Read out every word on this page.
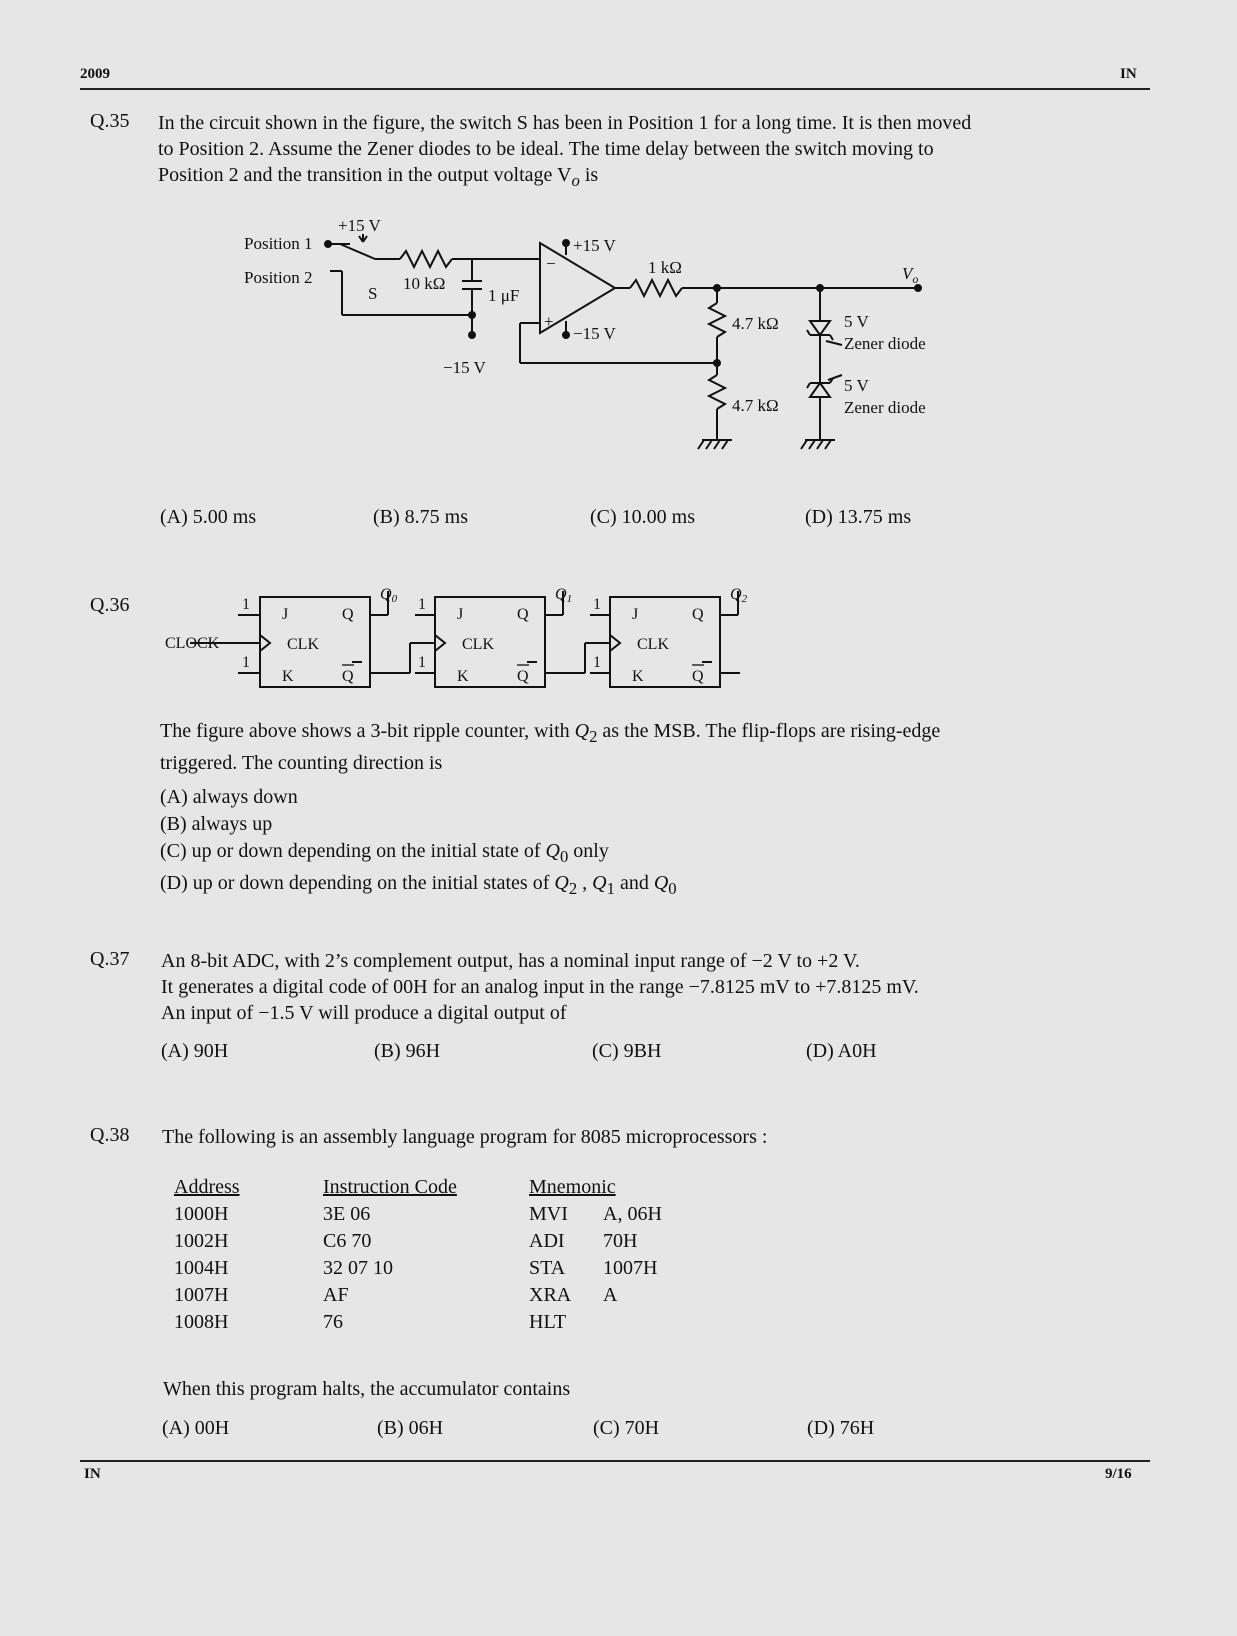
2009	IN
Q.35 In the circuit shown in the figure, the switch S has been in Position 1 for a long time. It is then moved
to Position 2. Assume the Zener diodes to be ideal. The time delay between the switch moving to
Position 2 and the transition in the output voltage $V_o$ is
Position 1
Position 2
+15 V
S
10 kΩ
1 μF
−15 V
+15 V
−15 V
−
+
1 kΩ	$V_o$
4.7 kΩ
4.7 kΩ
5 V
Zener diode
5 V
Zener diode
(A) 5.00 ms	(B) 8.75 ms	(C) 10.00 ms	(D) 13.75 ms
Q.36
CLOCK
1
1
1
1
1
1
J
K
CLK
Q
Q
J
K
CLK
Q
Q
J
K
CLK
Q
Q
Q0	Q1	Q2
The figure above shows a 3-bit ripple counter, with $Q_2$ as the MSB. The flip-flops are rising-edge
triggered. The counting direction is
(A) always down
(B) always up
(C) up or down depending on the initial state of $Q_0$ only
(D) up or down depending on the initial states of $Q_2$ , $Q_1$ and $Q_0$
Q.37 An 8-bit ADC, with 2’s complement output, has a nominal input range of −2 V to +2 V.
It generates a digital code of 00H for an analog input in the range −7.8125 mV to +7.8125 mV.
An input of −1.5 V will produce a digital output of
(A) 90H	(B) 96H	(C) 9BH	(D) A0H
Q.38 The following is an assembly language program for 8085 microprocessors :
Address	Instruction Code	Mnemonic	
1000H	3E 06	MVI	A, 06H
1002H	C6 70	ADI	70H
1004H	32 07 10	STA	1007H
1007H	AF	XRA	A
1008H	76	HLT	
When this program halts, the accumulator contains
(A) 00H	(B) 06H	(C) 70H	(D) 76H
IN	9/16
